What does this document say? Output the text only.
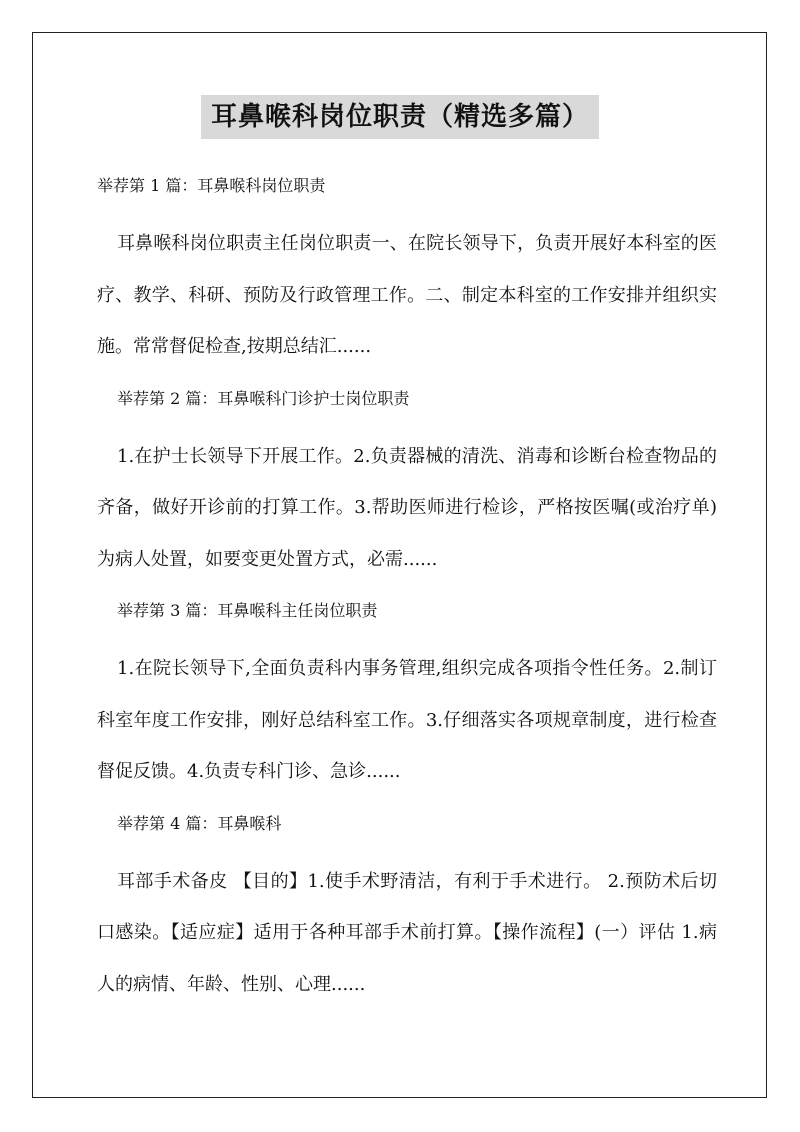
耳鼻喉科岗位职责（精选多篇）

举荐第 1 篇：耳鼻喉科岗位职责

耳鼻喉科岗位职责主任岗位职责一、在院长领导下，负责开展好本科室的医疗、教学、科研、预防及行政管理工作。二、制定本科室的工作安排并组织实施。常常督促检查,按期总结汇......

举荐第 2 篇：耳鼻喉科门诊护士岗位职责

1.在护士长领导下开展工作。2.负责器械的清洗、消毒和诊断台检查物品的齐备，做好开诊前的打算工作。3.帮助医师进行检诊，严格按医嘱(或治疗单)为病人处置，如要变更处置方式，必需......

举荐第 3 篇：耳鼻喉科主任岗位职责

1.在院长领导下,全面负责科内事务管理,组织完成各项指令性任务。2.制订科室年度工作安排，刚好总结科室工作。3.仔细落实各项规章制度，进行检查督促反馈。4.负责专科门诊、急诊......

举荐第 4 篇：耳鼻喉科

耳部手术备皮 【目的】1.使手术野清洁，有利于手术进行。 2.预防术后切口感染。【适应症】适用于各种耳部手术前打算。【操作流程】(一）评估 1.病人的病情、年龄、性别、心理......
